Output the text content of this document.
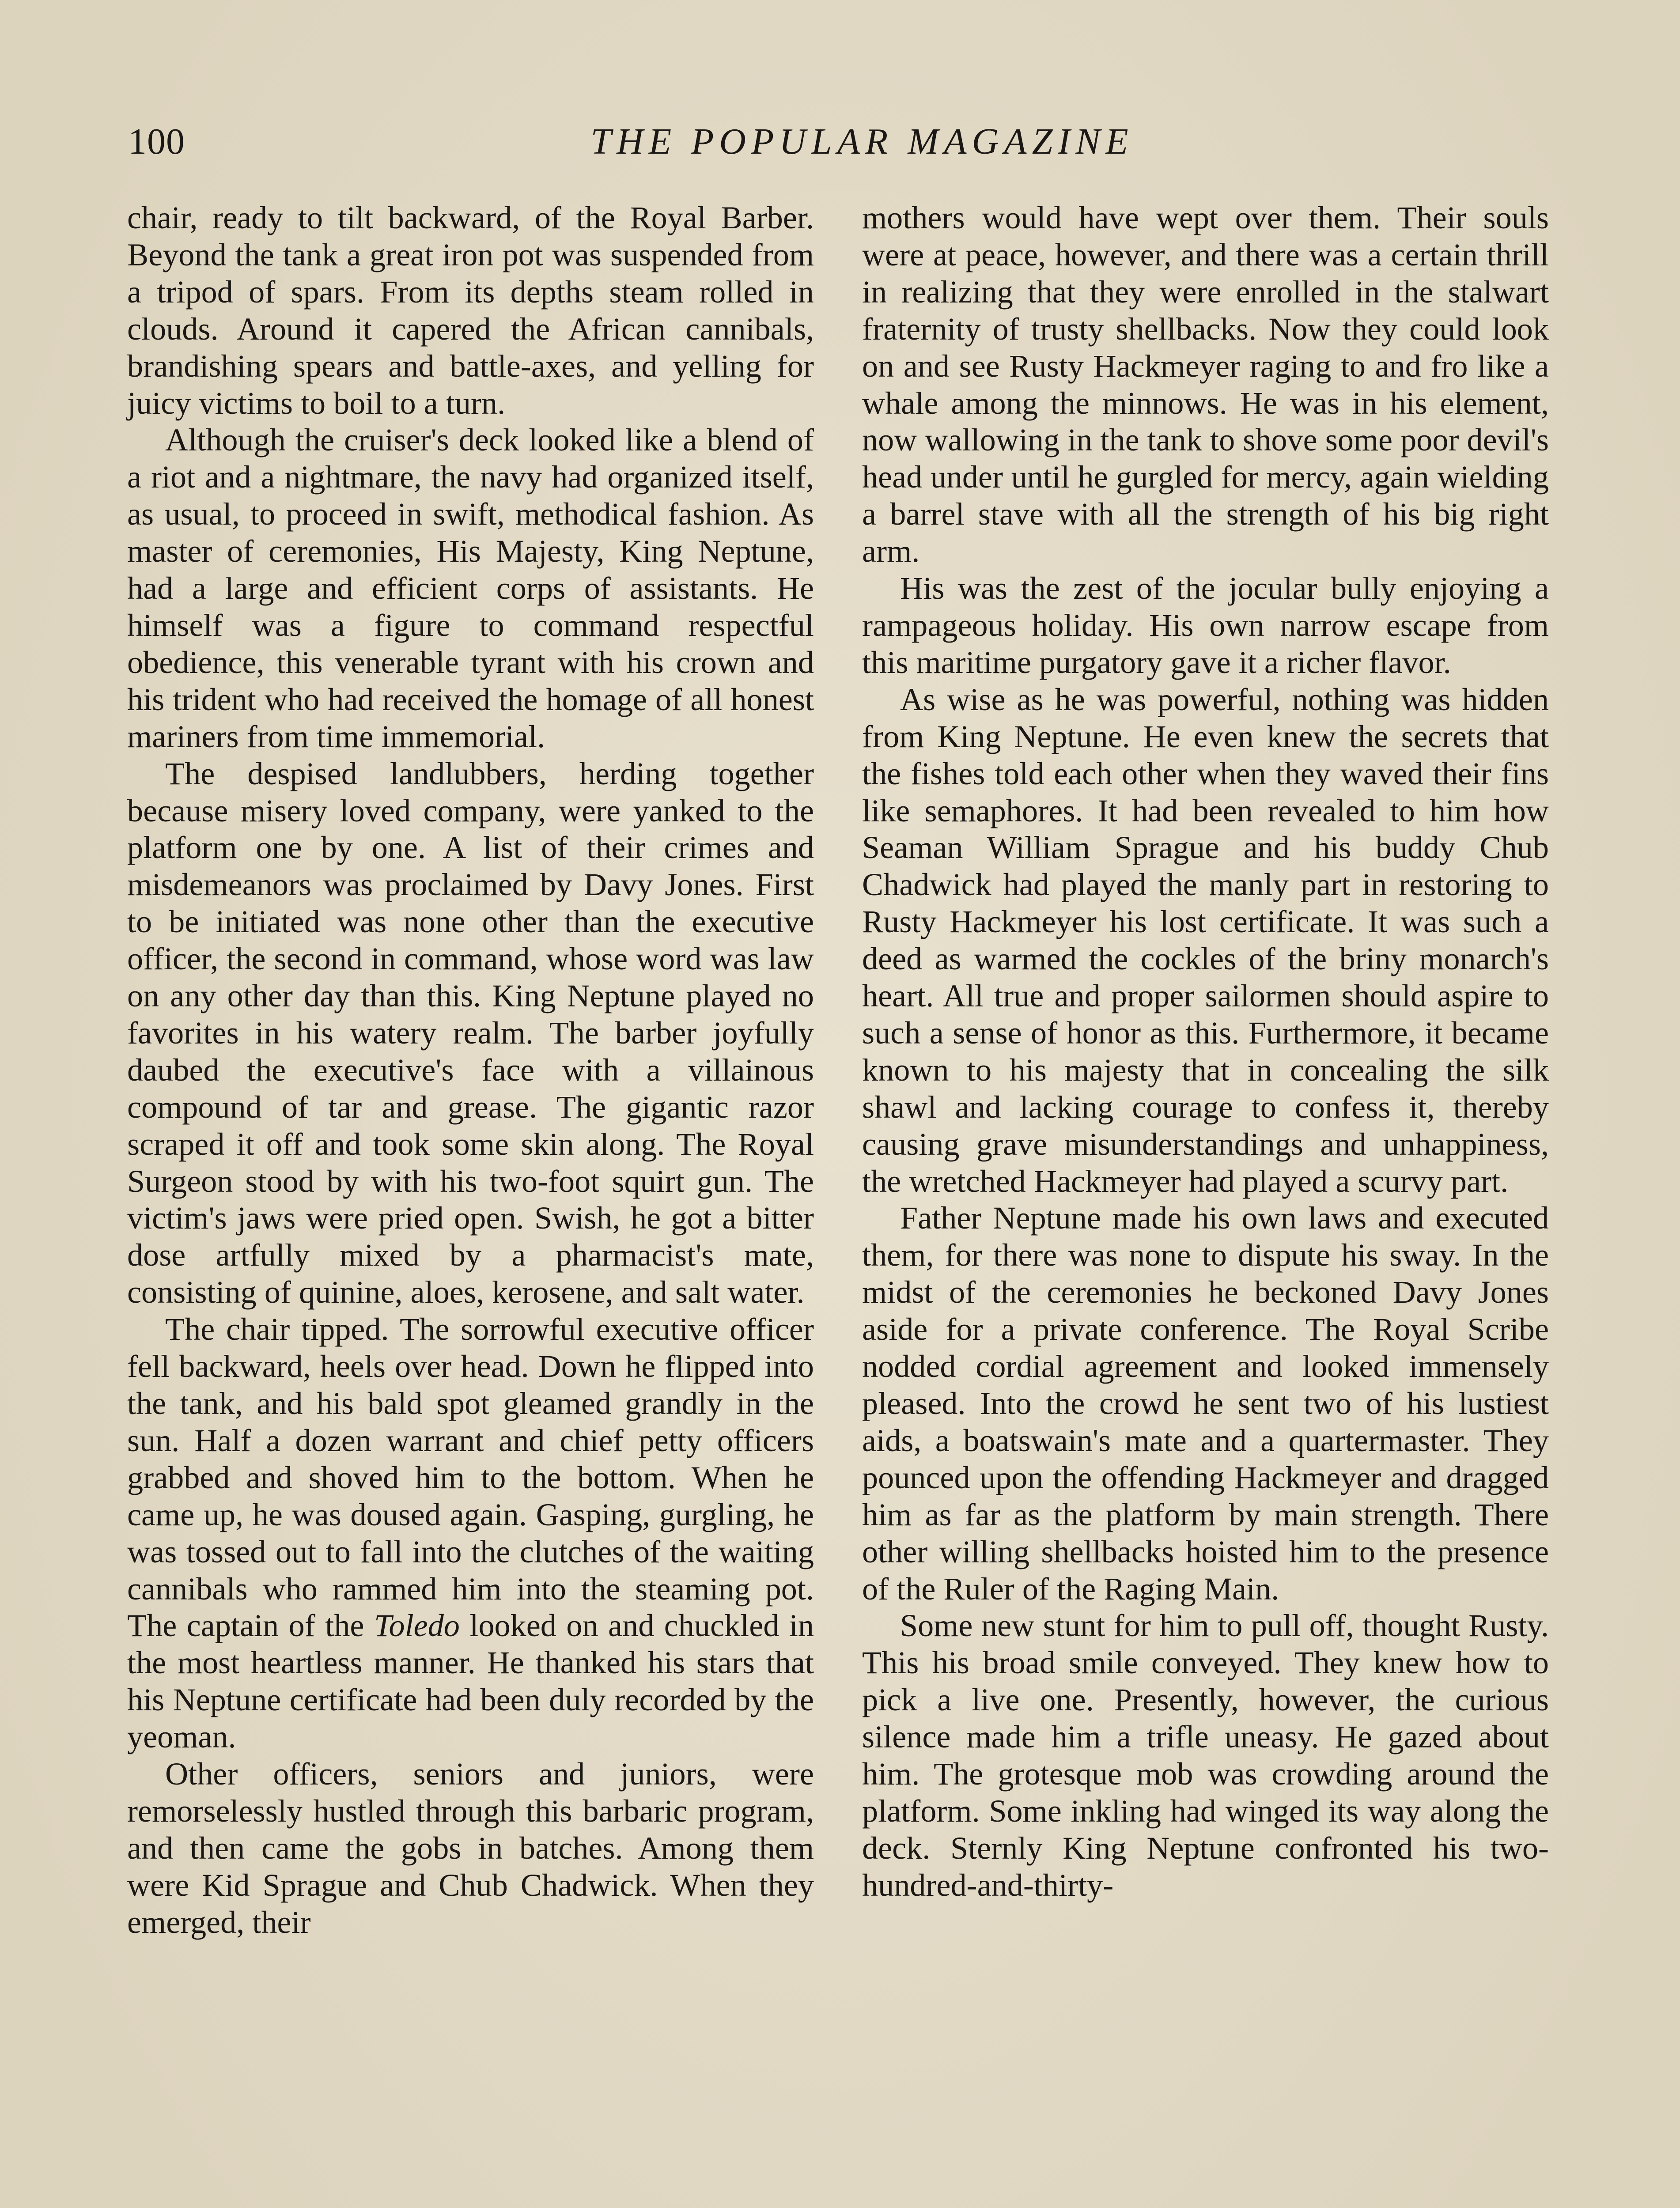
100	THE POPULAR MAGAZINE

chair, ready to tilt backward, of the Royal Barber. Beyond the tank a great iron pot was suspended from a tripod of spars. From its depths steam rolled in clouds. Around it capered the African cannibals, brandishing spears and battle-axes, and yelling for juicy victims to boil to a turn.

Although the cruiser's deck looked like a blend of a riot and a nightmare, the navy had organized itself, as usual, to proceed in swift, methodical fashion. As master of ceremonies, His Majesty, King Neptune, had a large and efficient corps of assistants. He himself was a figure to command respectful obedience, this venerable tyrant with his crown and his trident who had received the homage of all honest mariners from time immemorial.

The despised landlubbers, herding together because misery loved company, were yanked to the platform one by one. A list of their crimes and misdemeanors was proclaimed by Davy Jones. First to be initiated was none other than the executive officer, the second in command, whose word was law on any other day than this. King Neptune played no favorites in his watery realm. The barber joyfully daubed the executive's face with a villainous compound of tar and grease. The gigantic razor scraped it off and took some skin along. The Royal Surgeon stood by with his two-foot squirt gun. The victim's jaws were pried open. Swish, he got a bitter dose artfully mixed by a pharmacist's mate, consisting of quinine, aloes, kerosene, and salt water.

The chair tipped. The sorrowful executive officer fell backward, heels over head. Down he flipped into the tank, and his bald spot gleamed grandly in the sun. Half a dozen warrant and chief petty officers grabbed and shoved him to the bottom. When he came up, he was doused again. Gasping, gurgling, he was tossed out to fall into the clutches of the waiting cannibals who rammed him into the steaming pot. The captain of the Toledo looked on and chuckled in the most heartless manner. He thanked his stars that his Neptune certificate had been duly recorded by the yeoman.

Other officers, seniors and juniors, were remorselessly hustled through this barbaric program, and then came the gobs in batches. Among them were Kid Sprague and Chub Chadwick. When they emerged, their

mothers would have wept over them. Their souls were at peace, however, and there was a certain thrill in realizing that they were enrolled in the stalwart fraternity of trusty shellbacks. Now they could look on and see Rusty Hackmeyer raging to and fro like a whale among the minnows. He was in his element, now wallowing in the tank to shove some poor devil's head under until he gurgled for mercy, again wielding a barrel stave with all the strength of his big right arm.

His was the zest of the jocular bully enjoying a rampageous holiday. His own narrow escape from this maritime purgatory gave it a richer flavor.

As wise as he was powerful, nothing was hidden from King Neptune. He even knew the secrets that the fishes told each other when they waved their fins like semaphores. It had been revealed to him how Seaman William Sprague and his buddy Chub Chadwick had played the manly part in restoring to Rusty Hackmeyer his lost certificate. It was such a deed as warmed the cockles of the briny monarch's heart. All true and proper sailormen should aspire to such a sense of honor as this. Furthermore, it became known to his majesty that in concealing the silk shawl and lacking courage to confess it, thereby causing grave misunderstandings and unhappiness, the wretched Hackmeyer had played a scurvy part.

Father Neptune made his own laws and executed them, for there was none to dispute his sway. In the midst of the ceremonies he beckoned Davy Jones aside for a private conference. The Royal Scribe nodded cordial agreement and looked immensely pleased. Into the crowd he sent two of his lustiest aids, a boatswain's mate and a quartermaster. They pounced upon the offending Hackmeyer and dragged him as far as the platform by main strength. There other willing shellbacks hoisted him to the presence of the Ruler of the Raging Main.

Some new stunt for him to pull off, thought Rusty. This his broad smile conveyed. They knew how to pick a live one. Presently, however, the curious silence made him a trifle uneasy. He gazed about him. The grotesque mob was crowding around the platform. Some inkling had winged its way along the deck. Sternly King Neptune confronted his two-hundred-and-thirty-
